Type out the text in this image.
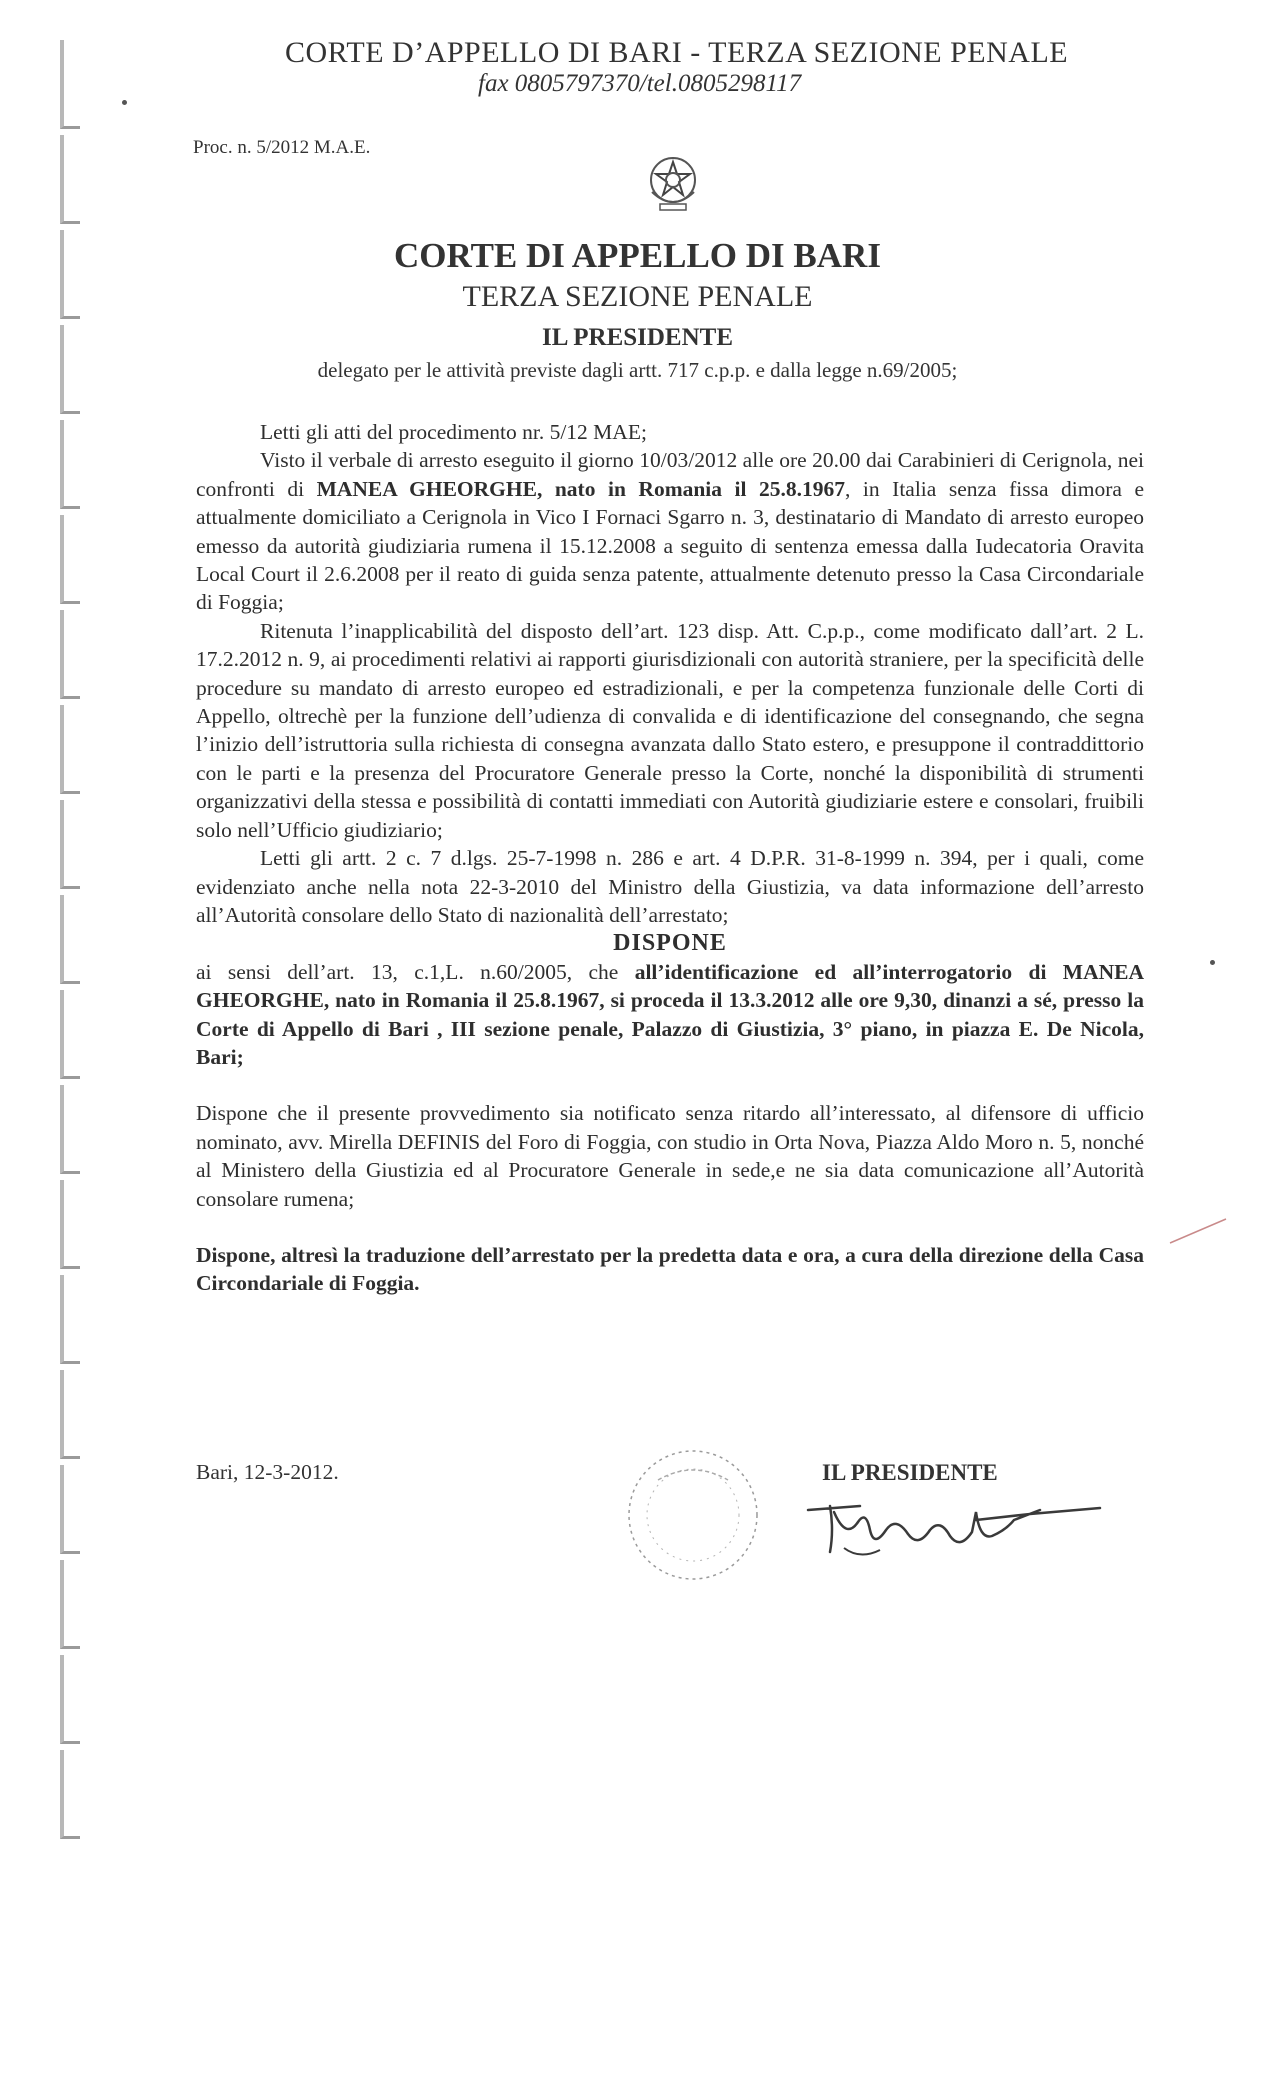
CORTE D’APPELLO DI BARI - TERZA SEZIONE PENALE
fax 0805797370/tel.0805298117
Proc. n. 5/2012 M.A.E.
CORTE DI APPELLO DI BARI
TERZA SEZIONE PENALE
IL PRESIDENTE
delegato per le attività previste dagli artt. 717 c.p.p. e dalla legge n.69/2005;

Letti gli atti del procedimento nr. 5/12 MAE;

Visto il verbale di arresto eseguito il giorno 10/03/2012 alle ore 20.00 dai Carabinieri di Cerignola, nei confronti di MANEA GHEORGHE, nato in Romania il 25.8.1967, in Italia senza fissa dimora e attualmente domiciliato a Cerignola in Vico I Fornaci Sgarro n. 3, destinatario di Mandato di arresto europeo emesso da autorità giudiziaria rumena il 15.12.2008 a seguito di sentenza emessa dalla Iudecatoria Oravita Local Court il 2.6.2008 per il reato di guida senza patente, attualmente detenuto presso la Casa Circondariale di Foggia;

Ritenuta l’inapplicabilità del disposto dell’art. 123 disp. Att. C.p.p., come modificato dall’art. 2 L. 17.2.2012 n. 9, ai procedimenti relativi ai rapporti giurisdizionali con autorità straniere, per la specificità delle procedure su mandato di arresto europeo ed estradizionali, e per la competenza funzionale delle Corti di Appello, oltrechè per la funzione dell’udienza di convalida e di identificazione del consegnando, che segna l’inizio dell’istruttoria sulla richiesta di consegna avanzata dallo Stato estero, e presuppone il contraddittorio con le parti e la presenza del Procuratore Generale presso la Corte, nonché la disponibilità di strumenti organizzativi della stessa e possibilità di contatti immediati con Autorità giudiziarie estere e consolari, fruibili solo nell’Ufficio giudiziario;

Letti gli artt. 2 c. 7 d.lgs. 25-7-1998 n. 286 e art. 4 D.P.R. 31-8-1999 n. 394, per i quali, come evidenziato anche nella nota 22-3-2010 del Ministro della Giustizia, va data informazione dell’arresto all’Autorità consolare dello Stato di nazionalità dell’arrestato;

DISPONE

ai sensi dell’art. 13, c.1,L. n.60/2005, che all’identificazione ed all’interrogatorio di MANEA GHEORGHE, nato in Romania il 25.8.1967, si proceda il 13.3.2012 alle ore 9,30, dinanzi a sé, presso la Corte di Appello di Bari , III sezione penale, Palazzo di Giustizia, 3° piano, in piazza E. De Nicola, Bari;

Dispone che il presente provvedimento sia notificato senza ritardo all’interessato, al difensore di ufficio nominato, avv. Mirella DEFINIS del Foro di Foggia, con studio in Orta Nova, Piazza Aldo Moro n. 5, nonché al Ministero della Giustizia ed al Procuratore Generale in sede,e ne sia data comunicazione all’Autorità consolare rumena;

Dispone, altresì la traduzione dell’arrestato per la predetta data e ora, a cura della direzione della Casa Circondariale di Foggia.

Bari, 12-3-2012.	IL PRESIDENTE
